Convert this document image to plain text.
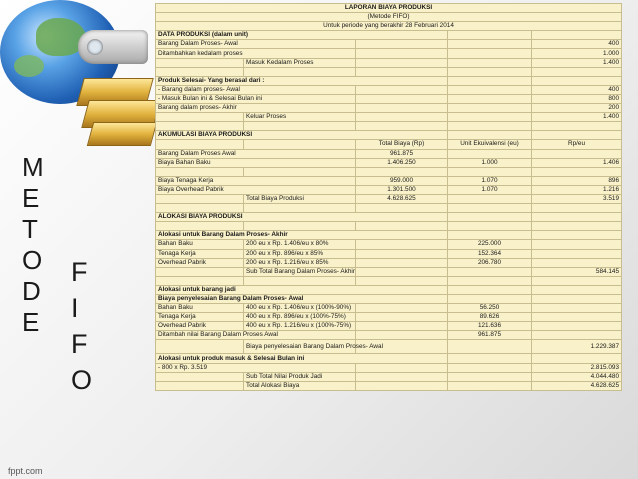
M
E
T
O
D
E
F
I
F
O
fppt.com
LAPORAN BIAYA PRODUKSI				
(Metode FIFO)				
Untuk periode yang berakhir 28 Februari 2014				
DATA PRODUKSI (dalam unit)				
Barang Dalam Proses- Awal				400
Ditambahkan kedalam proses				1.000
	Masuk Kedalam Proses			1.400

Produk Selesai- Yang berasal dari :				
- Barang dalam proses- Awal				400
- Masuk Bulan ini & Selesai Bulan ini				800
Barang dalam proses- Akhir				200
	Keluar Proses			1.400

AKUMULASI BIAYA PRODUKSI				
		Total Biaya (Rp)	Unit Ekuivalensi (eu)	Rp/eu
Barang Dalam Proses Awal		961.875		
Biaya Bahan Baku		1.406.250	1.000	1.406

Biaya Tenaga Kerja		959.000	1.070	896
Biaya Overhead Pabrik		1.301.500	1.070	1.216
	Total Biaya Produksi	4.628.625		3.519

ALOKASI BIAYA PRODUKSI				

Alokasi untuk Barang Dalam Proses- Akhir				
Bahan Baku	200 eu x Rp. 1.406/eu x 80%		225.000	
Tenaga Kerja	200 eu x Rp. 896/eu x 85%		152.364	
Overhead Pabrik	200 eu x Rp. 1.216/eu x 85%		206.780	
	Sub Total Barang Dalam Proses- Akhir			584.145

Alokasi untuk barang jadi				
Biaya penyelesaian Barang Dalam Proses- Awal				
Bahan Baku	400 eu x Rp. 1.406/eu x (100%-90%)		56.250	
Tenaga Kerja	400 eu x Rp. 896/eu x (100%-75%)		89.626	
Overhead Pabrik	400 eu x Rp. 1.216/eu x (100%-75%)		121.636	
Ditambah nilai Barang Dalam Proses Awal			961.875	
	Biaya penyelesaian Barang Dalam Proses- Awal			1.229.387
Alokasi untuk produk masuk & Selesai Bulan ini				
- 800 x Rp. 3.519				2.815.093
	Sub Total Nilai Produk Jadi			4.044.480
	Total Alokasi Biaya			4.628.625
